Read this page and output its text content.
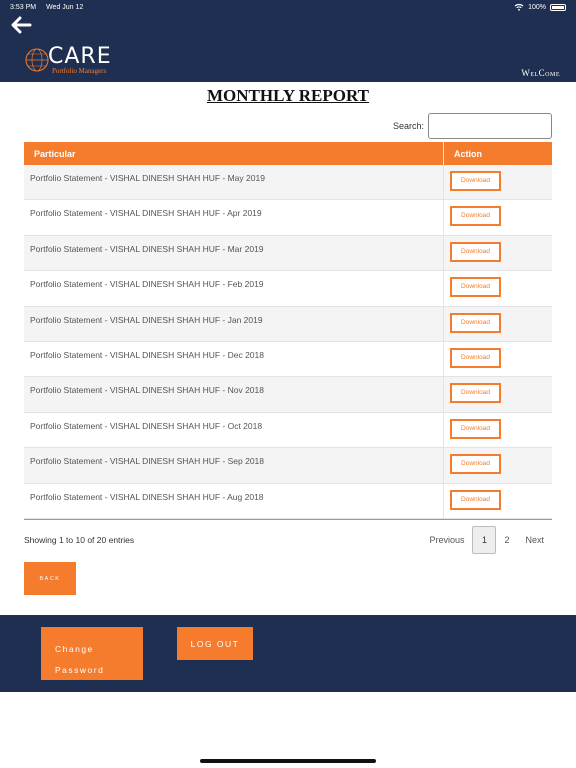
3:53 PM Wed Jun 12	100%
CARE
Portfolio Managers	WelCome
MONTHLY REPORT
Search:
Particular	Action
Portfolio Statement - VISHAL DINESH SHAH HUF - May 2019	Download
Portfolio Statement - VISHAL DINESH SHAH HUF - Apr 2019	Download
Portfolio Statement - VISHAL DINESH SHAH HUF - Mar 2019	Download
Portfolio Statement - VISHAL DINESH SHAH HUF - Feb 2019	Download
Portfolio Statement - VISHAL DINESH SHAH HUF - Jan 2019	Download
Portfolio Statement - VISHAL DINESH SHAH HUF - Dec 2018	Download
Portfolio Statement - VISHAL DINESH SHAH HUF - Nov 2018	Download
Portfolio Statement - VISHAL DINESH SHAH HUF - Oct 2018	Download
Portfolio Statement - VISHAL DINESH SHAH HUF - Sep 2018	Download
Portfolio Statement - VISHAL DINESH SHAH HUF - Aug 2018	Download
Showing 1 to 10 of 20 entries	Previous	1	2	Next
BACK
Change
Password
LOG OUT
